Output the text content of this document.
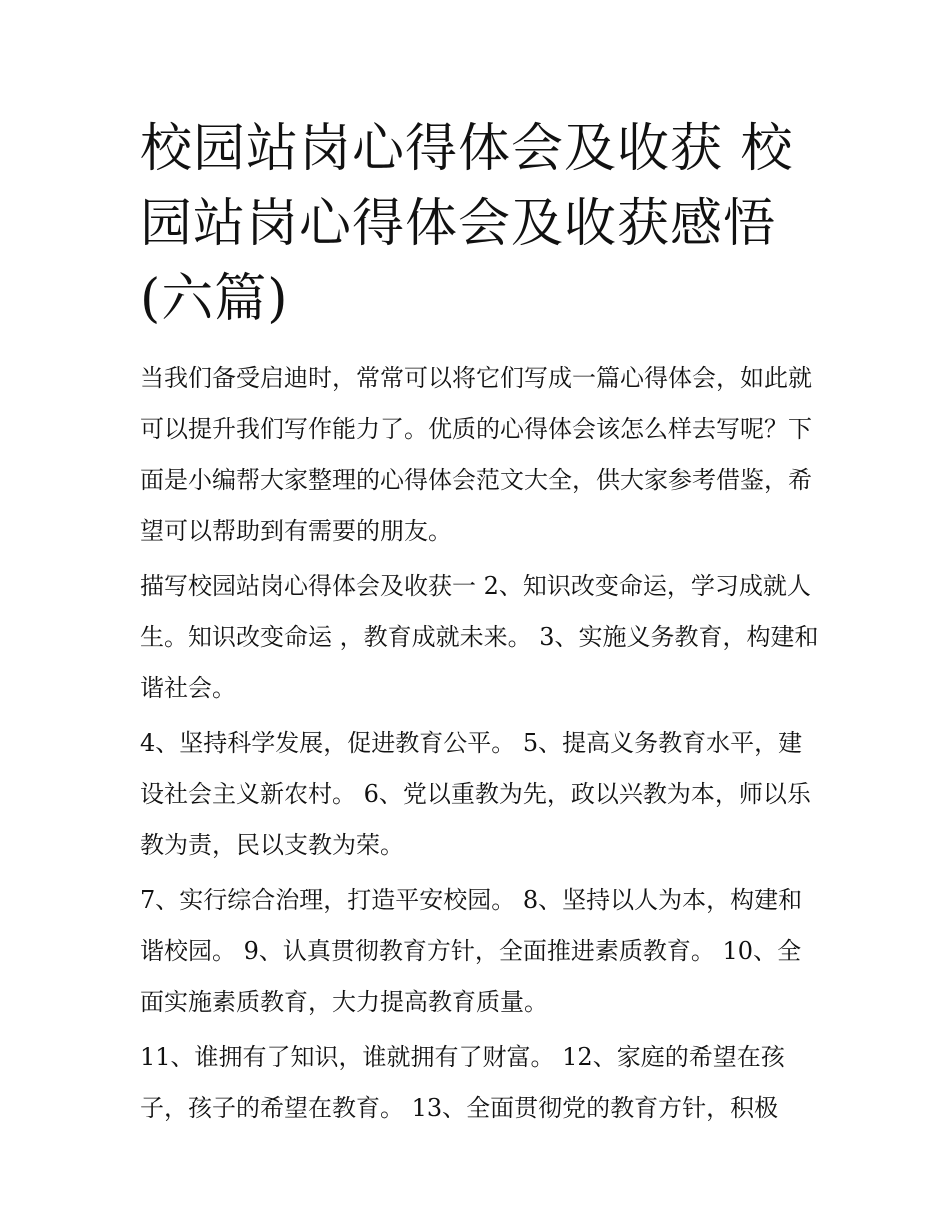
校园站岗心得体会及收获 校园站岗心得体会及收获感悟(六篇)

当我们备受启迪时，常常可以将它们写成一篇心得体会，如此就可以提升我们写作能力了。优质的心得体会该怎么样去写呢？下面是小编帮大家整理的心得体会范文大全，供大家参考借鉴，希望可以帮助到有需要的朋友。

描写校园站岗心得体会及收获一 2、知识改变命运，学习成就人生。知识改变命运 ，教育成就未来。 3、实施义务教育，构建和谐社会。

4、坚持科学发展，促进教育公平。 5、提高义务教育水平，建设社会主义新农村。 6、党以重教为先，政以兴教为本，师以乐教为责，民以支教为荣。

7、实行综合治理，打造平安校园。 8、坚持以人为本，构建和谐校园。 9、认真贯彻教育方针，全面推进素质教育。 10、全面实施素质教育，大力提高教育质量。

11、谁拥有了知识，谁就拥有了财富。 12、家庭的希望在孩子，孩子的希望在教育。 13、全面贯彻党的教育方针，积极
